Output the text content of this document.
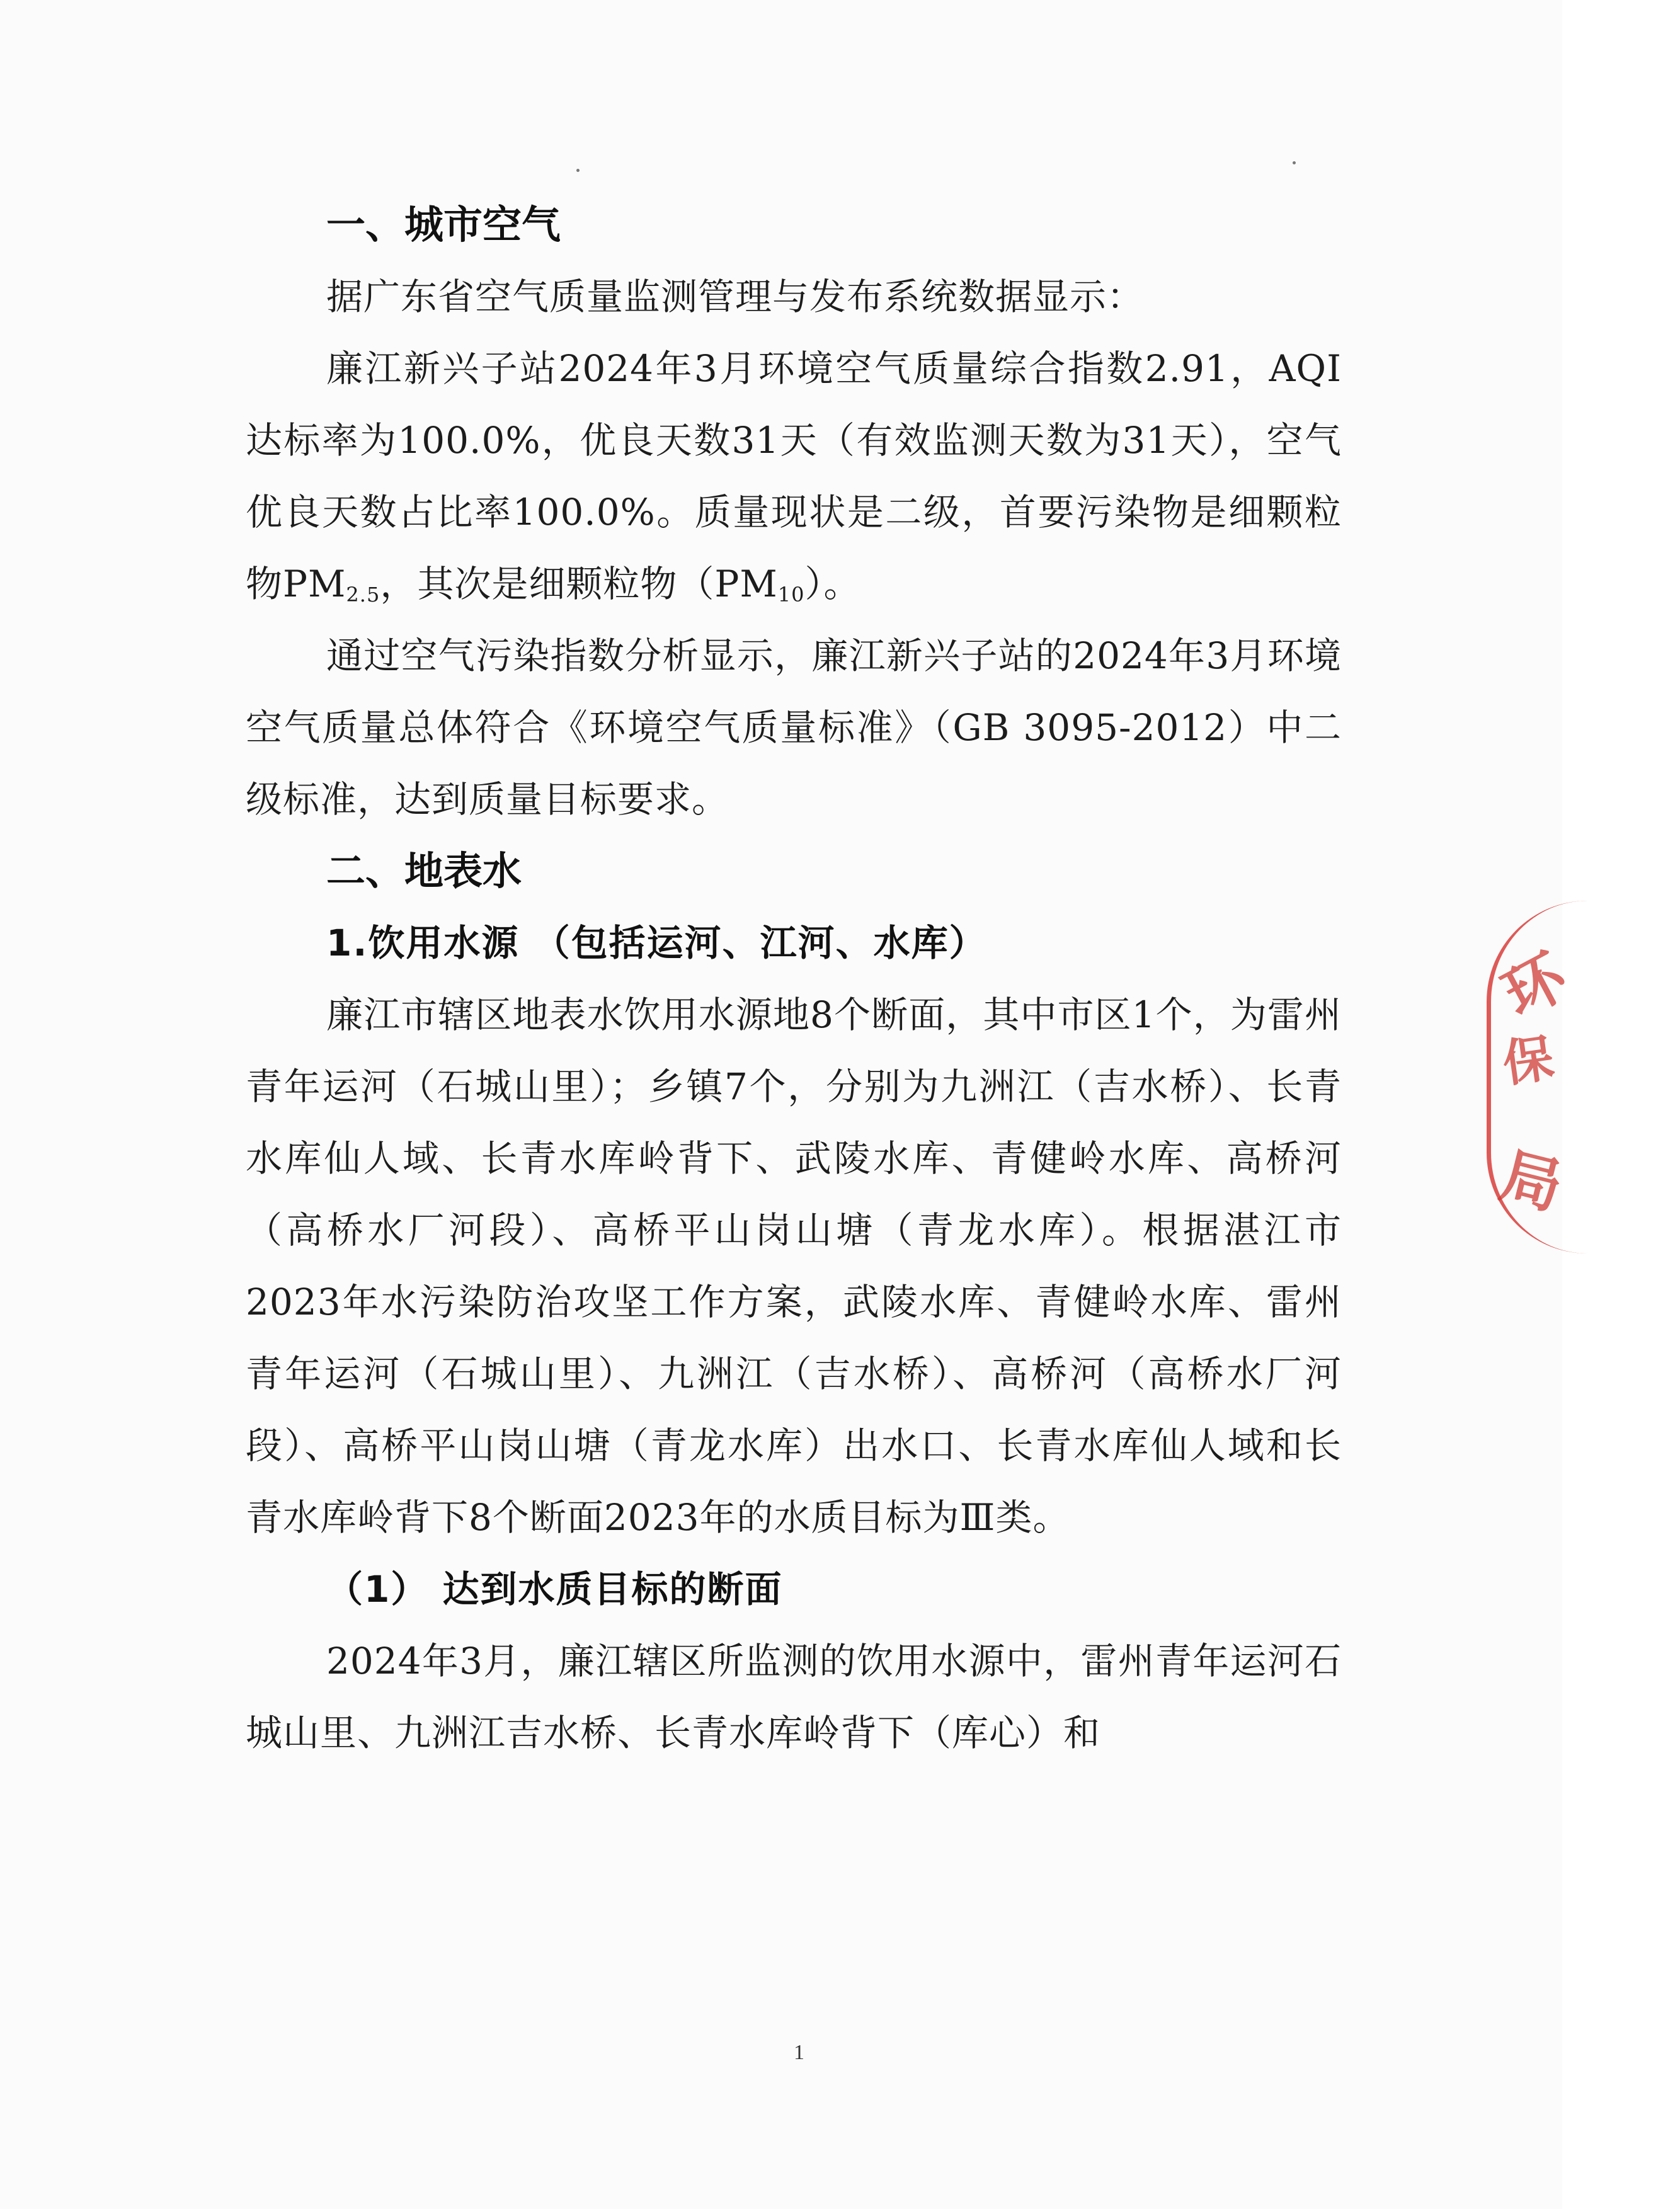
一、城市空气

据广东省空气质量监测管理与发布系统数据显示：

廉江新兴子站2024年3月环境空气质量综合指数2.91，AQI达标率为100.0%，优良天数31天（有效监测天数为31天），空气优良天数占比率100.0%。质量现状是二级，首要污染物是细颗粒物$PM_{2.5}$，其次是细颗粒物$(PM_{10})$。

通过空气污染指数分析显示，廉江新兴子站的2024年3月环境空气质量总体符合《环境空气质量标准》（GB 3095-2012）中二级标准，达到质量目标要求。

二、地表水
1.饮用水源 （包括运河、江河、水库）

廉江市辖区地表水饮用水源地8个断面，其中市区1个，为雷州青年运河（石城山里）；乡镇7个，分别为九洲江（吉水桥）、长青水库仙人域、长青水库岭背下、武陵水库、青健岭水库、高桥河（高桥水厂河段）、高桥平山岗山塘（青龙水库）。根据湛江市2023年水污染防治攻坚工作方案，武陵水库、青健岭水库、雷州青年运河（石城山里）、九洲江（吉水桥）、高桥河（高桥水厂河段）、高桥平山岗山塘（青龙水库）出水口、长青水库仙人域和长青水库岭背下8个断面2023年的水质目标为Ⅲ类。

（1） 达到水质目标的断面

2024年3月，廉江辖区所监测的饮用水源中，雷州青年运河石城山里、九洲江吉水桥、长青水库岭背下（库心）和

环
保
局
1
